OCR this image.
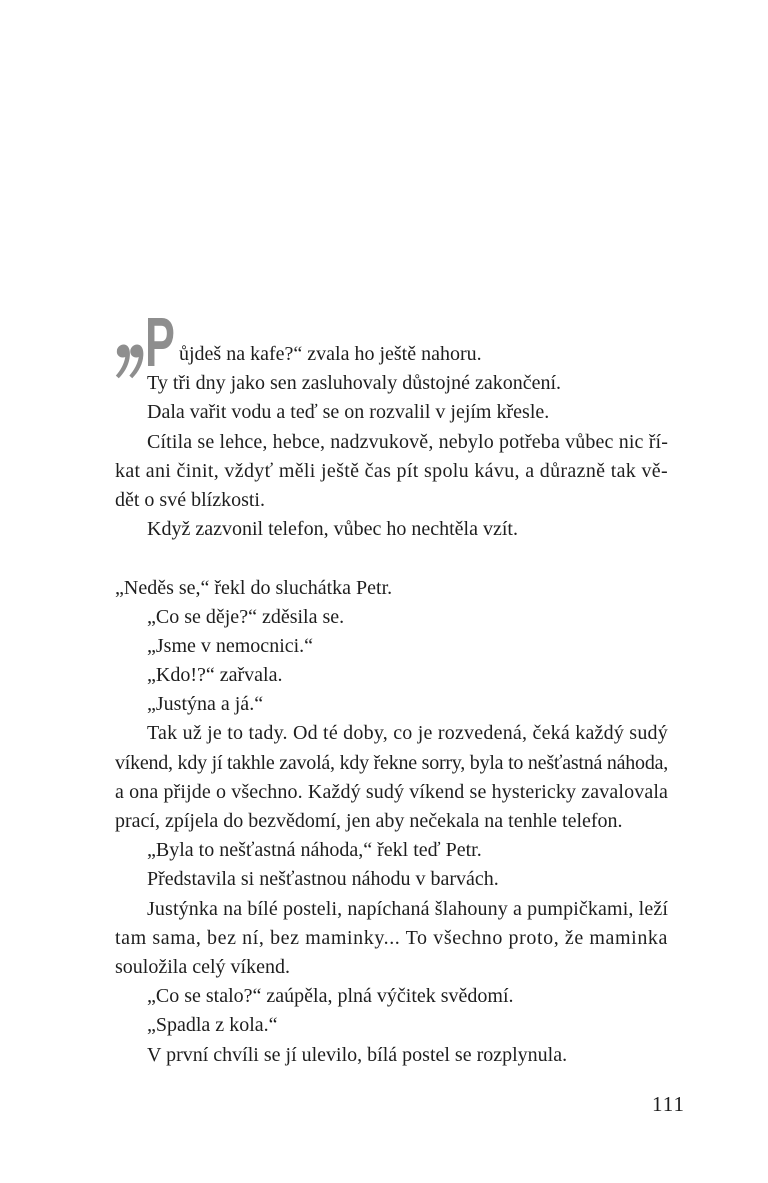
P ůjdeš na kafe?“ zvala ho ještě nahoru.
Ty tři dny jako sen zasluhovaly důstojné zakončení.
Dala vařit vodu a teď se on rozvalil v jejím křesle.
Cítila se lehce, hebce, nadzvukově, nebylo potřeba vůbec nic ří-
kat ani činit, vždyť měli ještě čas pít spolu kávu, a důrazně tak vě-
dět o své blízkosti.
Když zazvonil telefon, vůbec ho nechtěla vzít.
„Neděs se,“ řekl do sluchátka Petr.
„Co se děje?“ zděsila se.
„Jsme v nemocnici.“
„Kdo!?“ zařvala.
„Justýna a já.“
Tak už je to tady. Od té doby, co je rozvedená, čeká každý sudý
víkend, kdy jí takhle zavolá, kdy řekne sorry, byla to nešťastná náhoda,
a ona přijde o všechno. Každý sudý víkend se hystericky zavalovala
prací, zpíjela do bezvědomí, jen aby nečekala na tenhle telefon.
„Byla to nešťastná náhoda,“ řekl teď Petr.
Představila si nešťastnou náhodu v barvách.
Justýnka na bílé posteli, napíchaná šlahouny a pumpičkami, leží
tam sama, bez ní, bez maminky... To všechno proto, že maminka
souložila celý víkend.
„Co se stalo?“ zaúpěla, plná výčitek svědomí.
„Spadla z kola.“
V první chvíli se jí ulevilo, bílá postel se rozplynula.
111
